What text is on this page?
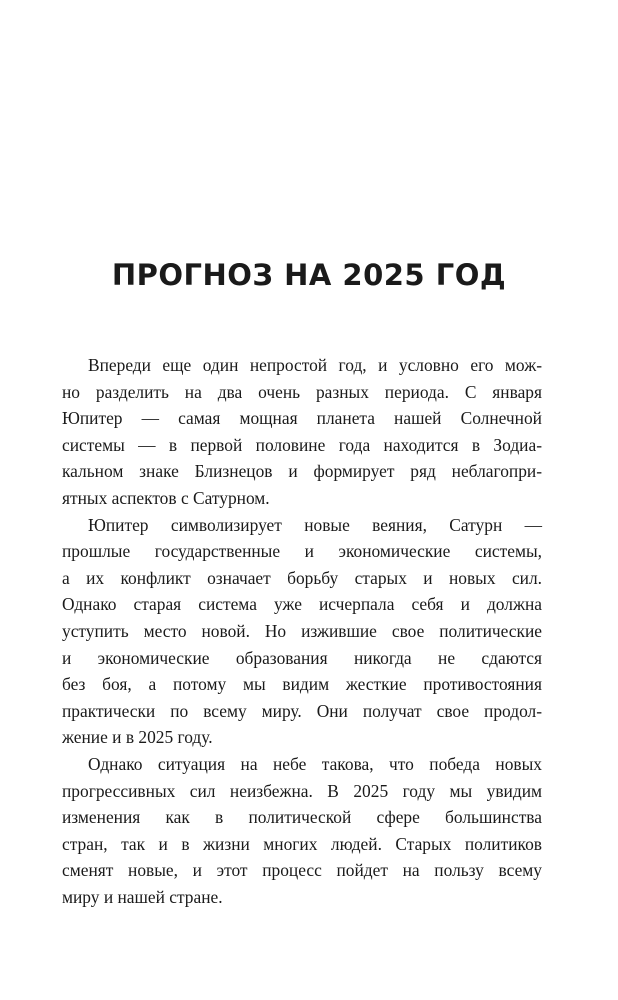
ПРОГНОЗ НА 2025 ГОД

Впереди еще один непростой год, и условно его мож-
но разделить на два очень разных периода. С января
Юпитер — самая мощная планета нашей Солнечной
системы — в первой половине года находится в Зодиа-
кальном знаке Близнецов и формирует ряд неблагопри-
ятных аспектов с Сатурном.

Юпитер символизирует новые веяния, Сатурн —
прошлые государственные и экономические системы,
а их конфликт означает борьбу старых и новых сил.
Однако старая система уже исчерпала себя и должна
уступить место новой. Но изжившие свое политические
и экономические образования никогда не сдаются
без боя, а потому мы видим жесткие противостояния
практически по всему миру. Они получат свое продол-
жение и в 2025 году.

Однако ситуация на небе такова, что победа новых
прогрессивных сил неизбежна. В 2025 году мы увидим
изменения как в политической сфере большинства
стран, так и в жизни многих людей. Старых политиков
сменят новые, и этот процесс пойдет на пользу всему
миру и нашей стране.
